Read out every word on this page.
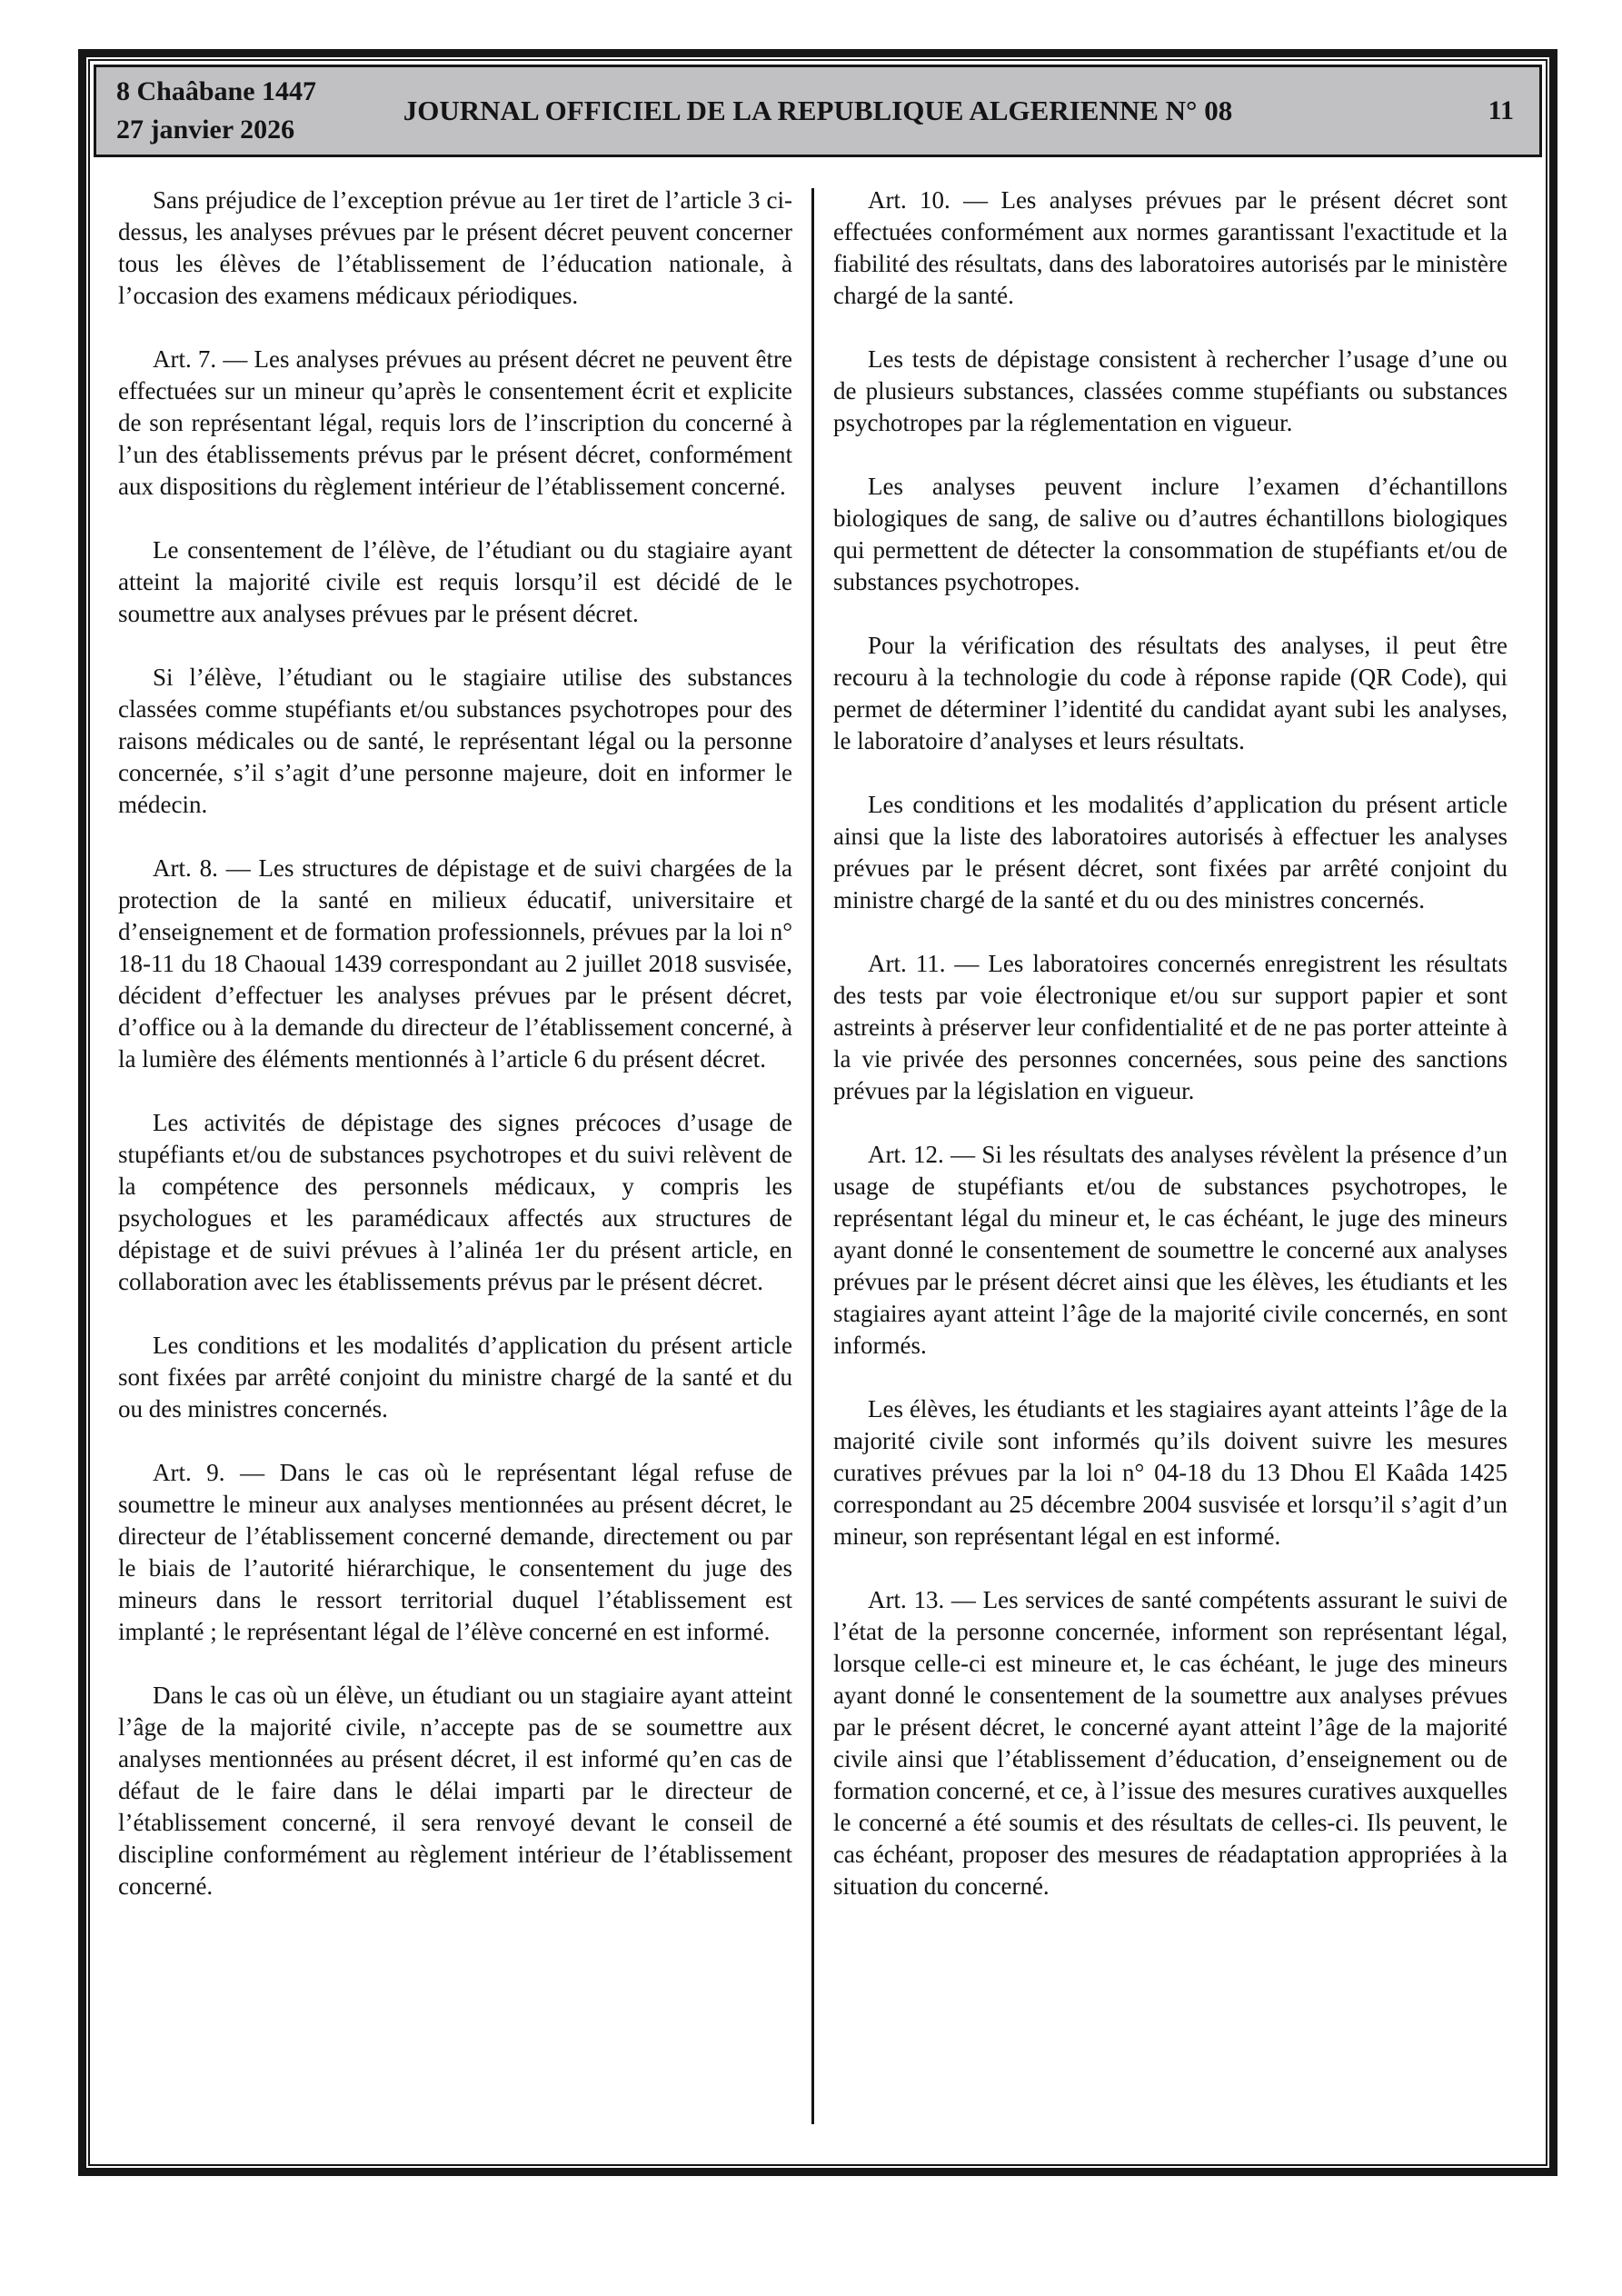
8 Chaâbane 1447
27 janvier 2026
JOURNAL OFFICIEL DE LA REPUBLIQUE ALGERIENNE N° 08	11

Sans préjudice de l’exception prévue au 1er tiret de l’article 3 ci-dessus, les analyses prévues par le présent décret peuvent concerner tous les élèves de l’établissement de l’éducation nationale, à l’occasion des examens médicaux périodiques.

Art. 7. — Les analyses prévues au présent décret ne peuvent être effectuées sur un mineur qu’après le consentement écrit et explicite de son représentant légal, requis lors de l’inscription du concerné à l’un des établissements prévus par le présent décret, conformément aux dispositions du règlement intérieur de l’établissement concerné.

Le consentement de l’élève, de l’étudiant ou du stagiaire ayant atteint la majorité civile est requis lorsqu’il est décidé de le soumettre aux analyses prévues par le présent décret.

Si l’élève, l’étudiant ou le stagiaire utilise des substances classées comme stupéfiants et/ou substances psychotropes pour des raisons médicales ou de santé, le représentant légal ou la personne concernée, s’il s’agit d’une personne majeure, doit en informer le médecin.

Art. 8. — Les structures de dépistage et de suivi chargées de la protection de la santé en milieux éducatif, universitaire et d’enseignement et de formation professionnels, prévues par la loi n° 18-11 du 18 Chaoual 1439 correspondant au 2 juillet 2018 susvisée, décident d’effectuer les analyses prévues par le présent décret, d’office ou à la demande du directeur de l’établissement concerné, à la lumière des éléments mentionnés à l’article 6 du présent décret.

Les activités de dépistage des signes précoces d’usage de stupéfiants et/ou de substances psychotropes et du suivi relèvent de la compétence des personnels médicaux, y compris les psychologues et les paramédicaux affectés aux structures de dépistage et de suivi prévues à l’alinéa 1er du présent article, en collaboration avec les établissements prévus par le présent décret.

Les conditions et les modalités d’application du présent article sont fixées par arrêté conjoint du ministre chargé de la santé et du ou des ministres concernés.

Art. 9. — Dans le cas où le représentant légal refuse de soumettre le mineur aux analyses mentionnées au présent décret, le directeur de l’établissement concerné demande, directement ou par le biais de l’autorité hiérarchique, le consentement du juge des mineurs dans le ressort territorial duquel l’établissement est implanté ; le représentant légal de l’élève concerné en est informé.

Dans le cas où un élève, un étudiant ou un stagiaire ayant atteint l’âge de la majorité civile, n’accepte pas de se soumettre aux analyses mentionnées au présent décret, il est informé qu’en cas de défaut de le faire dans le délai imparti par le directeur de l’établissement concerné, il sera renvoyé devant le conseil de discipline conformément au règlement intérieur de l’établissement concerné.

Art. 10. — Les analyses prévues par le présent décret sont effectuées conformément aux normes garantissant l'exactitude et la fiabilité des résultats, dans des laboratoires autorisés par le ministère chargé de la santé.

Les tests de dépistage consistent à rechercher l’usage d’une ou de plusieurs substances, classées comme stupéfiants ou substances psychotropes par la réglementation en vigueur.

Les analyses peuvent inclure l’examen d’échantillons biologiques de sang, de salive ou d’autres échantillons biologiques qui permettent de détecter la consommation de stupéfiants et/ou de substances psychotropes.

Pour la vérification des résultats des analyses, il peut être recouru à la technologie du code à réponse rapide (QR Code), qui permet de déterminer l’identité du candidat ayant subi les analyses, le laboratoire d’analyses et leurs résultats.

Les conditions et les modalités d’application du présent article ainsi que la liste des laboratoires autorisés à effectuer les analyses prévues par le présent décret, sont fixées par arrêté conjoint du ministre chargé de la santé et du ou des ministres concernés.

Art. 11. — Les laboratoires concernés enregistrent les résultats des tests par voie électronique et/ou sur support papier et sont astreints à préserver leur confidentialité et de ne pas porter atteinte à la vie privée des personnes concernées, sous peine des sanctions prévues par la législation en vigueur.

Art. 12. — Si les résultats des analyses révèlent la présence d’un usage de stupéfiants et/ou de substances psychotropes, le représentant légal du mineur et, le cas échéant, le juge des mineurs ayant donné le consentement de soumettre le concerné aux analyses prévues par le présent décret ainsi que les élèves, les étudiants et les stagiaires ayant atteint l’âge de la majorité civile concernés, en sont informés.

Les élèves, les étudiants et les stagiaires ayant atteints l’âge de la majorité civile sont informés qu’ils doivent suivre les mesures curatives prévues par la loi n° 04-18 du 13 Dhou El Kaâda 1425 correspondant au 25 décembre 2004 susvisée et lorsqu’il s’agit d’un mineur, son représentant légal en est informé.

Art. 13. — Les services de santé compétents assurant le suivi de l’état de la personne concernée, informent son représentant légal, lorsque celle-ci est mineure et, le cas échéant, le juge des mineurs ayant donné le consentement de la soumettre aux analyses prévues par le présent décret, le concerné ayant atteint l’âge de la majorité civile ainsi que l’établissement d’éducation, d’enseignement ou de formation concerné, et ce, à l’issue des mesures curatives auxquelles le concerné a été soumis et des résultats de celles-ci. Ils peuvent, le cas échéant, proposer des mesures de réadaptation appropriées à la situation du concerné.
